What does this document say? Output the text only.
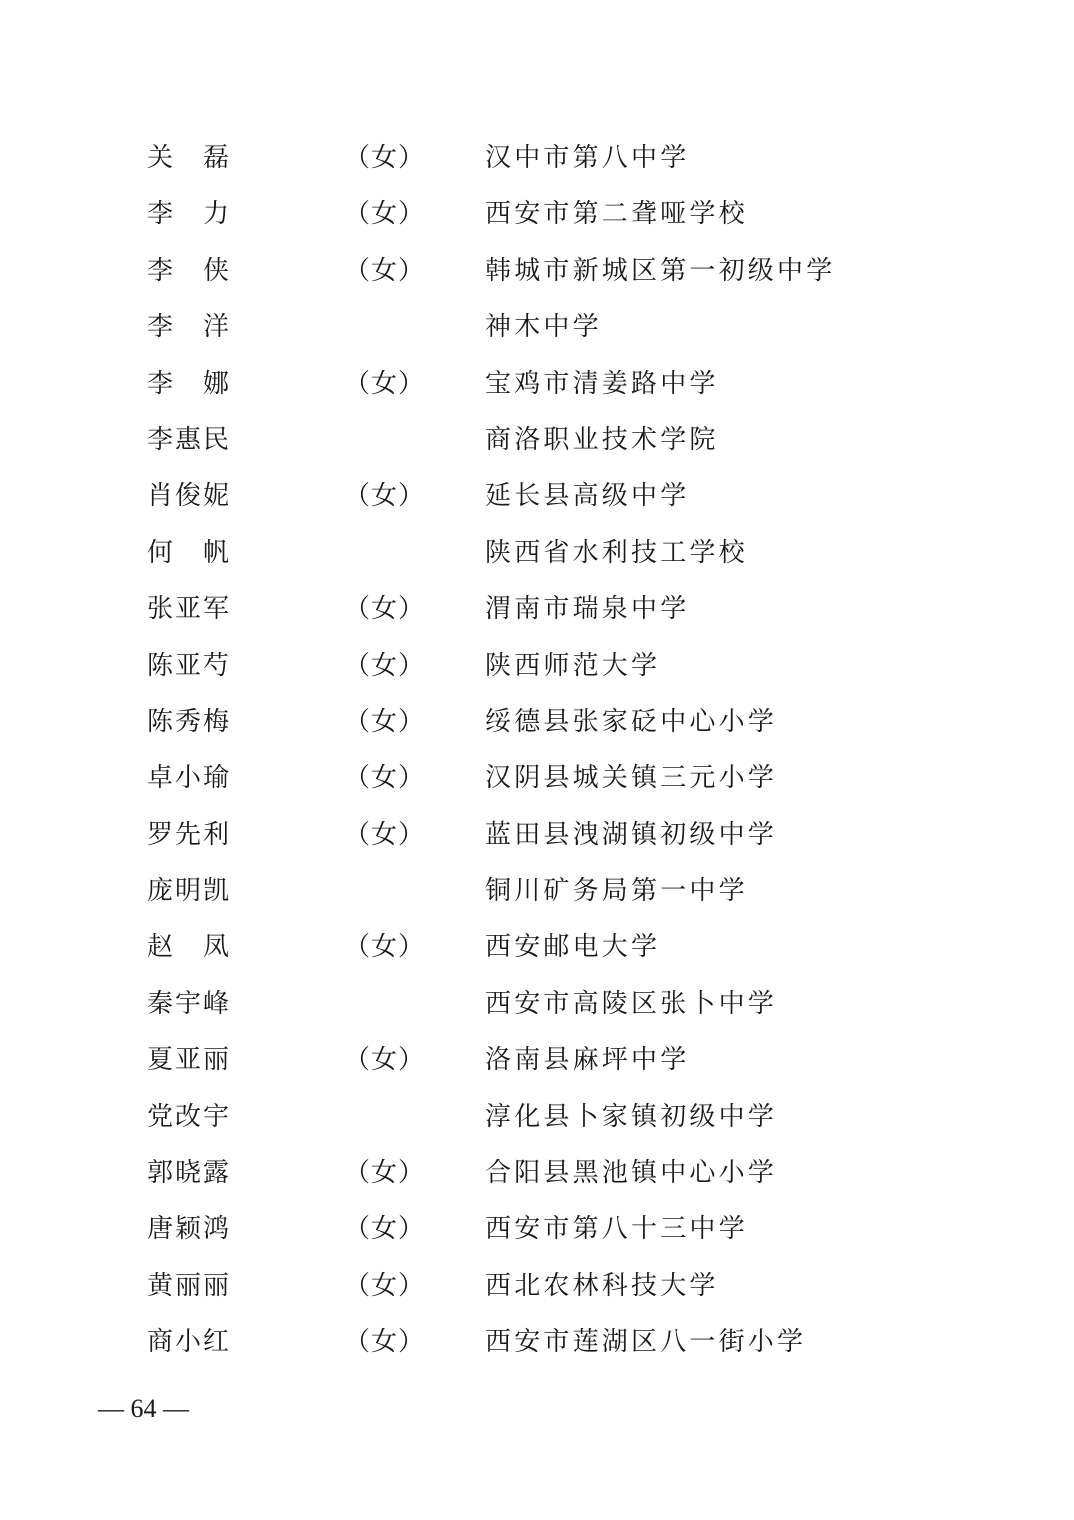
关　磊	（女） 汉中市第八中学
李　力	（女） 西安市第二聋哑学校
李　侠	（女） 韩城市新城区第一初级中学
李　洋	神木中学
李　娜	（女） 宝鸡市清姜路中学
李惠民	商洛职业技术学院
肖俊妮	（女） 延长县高级中学
何　帆	陕西省水利技工学校
张亚军	（女） 渭南市瑞泉中学
陈亚芍	（女） 陕西师范大学
陈秀梅	（女） 绥德县张家砭中心小学
卓小瑜	（女） 汉阴县城关镇三元小学
罗先利	（女） 蓝田县洩湖镇初级中学
庞明凯	铜川矿务局第一中学
赵　凤	（女） 西安邮电大学
秦宇峰	西安市高陵区张卜中学
夏亚丽	（女） 洛南县麻坪中学
党改宇	淳化县卜家镇初级中学
郭晓露	（女） 合阳县黑池镇中心小学
唐颖鸿	（女） 西安市第八十三中学
黄丽丽	（女） 西北农林科技大学
商小红	（女） 西安市莲湖区八一街小学
— 64 —
